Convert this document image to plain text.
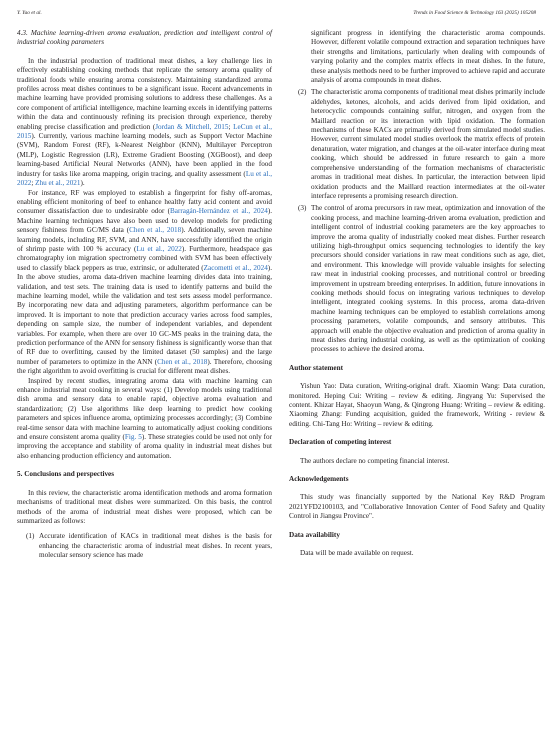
Y. Yao et al.	Trends in Food Science & Technology 163 (2025) 105208
4.3. Machine learning-driven aroma evaluation, prediction and intelligent control of industrial cooking parameters

In the industrial production of traditional meat dishes, a key challenge lies in effectively establishing cooking methods that replicate the sensory aroma quality of traditional foods while ensuring aroma consistency. Maintaining standardized aroma profiles across meat dishes continues to be a significant issue. Recent advancements in machine learning have provided promising solutions to address these challenges. As a core component of artificial intelligence, machine learning excels in identifying patterns within the data and continuously refining its precision through experience, thereby enabling precise classification and prediction (Jordan & Mitchell, 2015; LeCun et al., 2015). Currently, various machine learning models, such as Support Vector Machine (SVM), Random Forest (RF), k-Nearest Neighbor (KNN), Multilayer Perceptron (MLP), Logistic Regression (LR), Extreme Gradient Boosting (XGBoost), and deep learning-based Artificial Neural Networks (ANN), have been applied in the food industry for tasks like aroma mapping, origin tracing, and quality assessment (Lu et al., 2022; Zhu et al., 2021).

For instance, RF was employed to establish a fingerprint for fishy off-aromas, enabling efficient monitoring of beef to enhance healthy fatty acid content and avoid consumer dissatisfaction due to undesirable odor (Barragán-Hernández et al., 2024). Machine learning techniques have also been used to develop models for predicting sensory fishiness from GC/MS data (Chen et al., 2018). Additionally, seven machine learning models, including RF, SVM, and ANN, have successfully identified the origin of shrimp paste with 100 % accuracy (Lu et al., 2022). Furthermore, headspace gas chromatography ion migration spectrometry combined with SVM has been effectively used to classify black peppers as true, extrinsic, or adulterated (Zacometti et al., 2024). In the above studies, aroma data-driven machine learning divides data into training, validation, and test sets. The training data is used to identify patterns and build the machine learning model, while the validation and test sets assess model performance. By incorporating new data and adjusting parameters, algorithm performance can be improved. It is important to note that prediction accuracy varies across food samples, depending on sample size, the number of independent variables, and dependent variables. For example, when there are over 10 GC-MS peaks in the training data, the prediction performance of the ANN for sensory fishiness is significantly worse than that of RF due to overfitting, caused by the limited dataset (50 samples) and the large number of parameters to optimize in the ANN (Chen et al., 2018). Therefore, choosing the right algorithm to avoid overfitting is crucial for different meat dishes.

Inspired by recent studies, integrating aroma data with machine learning can enhance industrial meat cooking in several ways: (1) Develop models using traditional dish aroma and sensory data to enable rapid, objective aroma evaluation and standardization; (2) Use algorithms like deep learning to predict how cooking parameters and spices influence aroma, optimizing processes accordingly; (3) Combine real-time sensor data with machine learning to automatically adjust cooking conditions and ensure consistent aroma quality (Fig. 5). These strategies could be used not only for improving the acceptance and stability of aroma quality in industrial meat dishes but also enhancing production efficiency and automation.

5. Conclusions and perspectives

In this review, the characteristic aroma identification methods and aroma formation mechanisms of traditional meat dishes were summarized. On this basis, the control methods of the aroma of industrial meat dishes were proposed, which can be summarized as follows:

(1) Accurate identification of KACs in traditional meat dishes is the basis for enhancing the characteristic aroma of industrial meat dishes. In recent years, molecular sensory science has made
significant progress in identifying the characteristic aroma compounds. However, different volatile compound extraction and separation techniques have their strengths and limitations, particularly when dealing with compounds of varying polarity and the complex matrix effects in meat dishes. In the future, these analysis methods need to be further improved to achieve rapid and accurate analysis of aroma compounds in meat dishes.
(2) The characteristic aroma components of traditional meat dishes primarily include aldehydes, ketones, alcohols, and acids derived from lipid oxidation, and heterocyclic compounds containing sulfur, nitrogen, and oxygen from the Maillard reaction or its interaction with lipid oxidation. The formation mechanisms of these KACs are primarily derived from simulated model studies. However, current simulated model studies overlook the matrix effects of protein denaturation, water migration, and changes at the oil-water interface during meat cooking, which should be addressed in future research to gain a more comprehensive understanding of the formation mechanisms of characteristic aromas in traditional meat dishes. In particular, the interaction between lipid oxidation products and the Maillard reaction intermediates at the oil-water interface represents a promising research direction.
(3) The control of aroma precursors in raw meat, optimization and innovation of the cooking process, and machine learning-driven aroma evaluation, prediction and intelligent control of industrial cooking parameters are the key approaches to improve the aroma quality of industrially cooked meat dishes. Further research utilizing high-throughput omics sequencing technologies to identify the key precursors should consider variations in raw meat conditions such as age, diet, and environment. This knowledge will provide valuable insights for selecting raw meat in industrial cooking processes, and nutritional control or breeding improvement in upstream breeding enterprises. In addition, future innovations in cooking methods should focus on integrating various techniques to develop intelligent, integrated cooking systems. In this process, aroma data-driven machine learning techniques can be employed to establish correlations among processing parameters, volatile compounds, and sensory attributes. This approach will enable the objective evaluation and prediction of aroma quality in meat dishes during industrial cooking, as well as the optimization of cooking processes to achieve the desired aroma.
Author statement

Yishun Yao: Data curation, Writing-original draft. Xiaomin Wang: Data curation, monitored. Heping Cui: Writing – review & editing. Jingyang Yu: Supervised the content. Khizar Hayat, Shaoyun Wang, & Qingrong Huang: Writing – review & editing. Xiaoming Zhang: Funding acquisition, guided the framework, Writing - review & editing. Chi-Tang Ho: Writing – review & editing.

Declaration of competing interest

The authors declare no competing financial interest.

Acknowledgements

This study was financially supported by the National Key R&D Program 2021YFD2100103, and "Collaborative Innovation Center of Food Safety and Quality Control in Jiangsu Province".

Data availability

Data will be made available on request.
